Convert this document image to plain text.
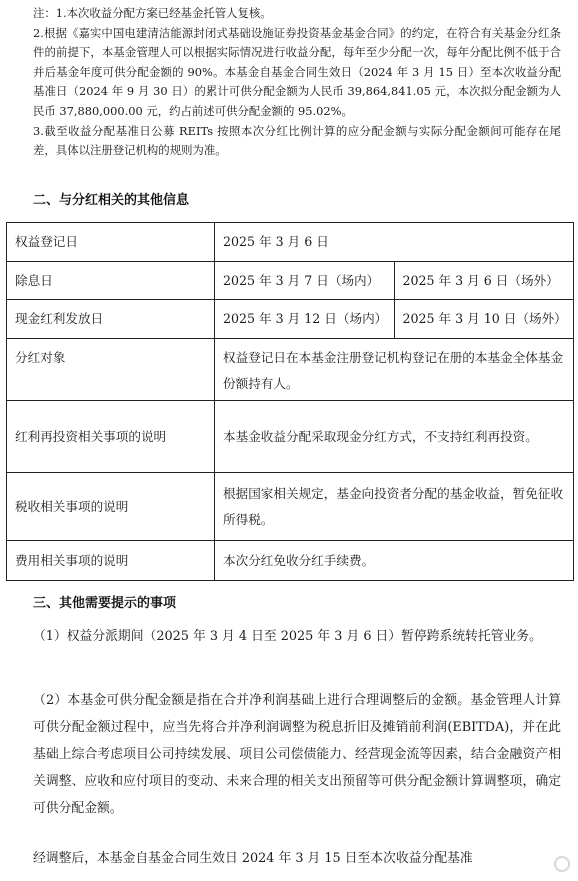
注：1.本次收益分配方案已经基金托管人复核。

2.根据《嘉实中国电建清洁能源封闭式基础设施证券投资基金基金合同》的约定，在符合有关基金分红条件的前提下，本基金管理人可以根据实际情况进行收益分配，每年至少分配一次，每年分配比例不低于合并后基金年度可供分配金额的 90%。本基金自基金合同生效日（2024 年 3 月 15 日）至本次收益分配基准日（2024 年 9 月 30 日）的累计可供分配金额为人民币 39,864,841.05 元，本次拟分配金额为人民币 37,880,000.00 元，约占前述可供分配金额的 95.02%。

3.截至收益分配基准日公募 REITs 按照本次分红比例计算的应分配金额与实际分配金额间可能存在尾差，具体以注册登记机构的规则为准。

二、与分红相关的其他信息
权益登记日	2025 年 3 月 6 日	
除息日	2025 年 3 月 7 日（场内）	2025 年 3 月 6 日（场外）
现金红利发放日	2025 年 3 月 12 日（场内）	2025 年 3 月 10 日（场外）
分红对象	权益登记日在本基金注册登记机构登记在册的本基金全体基金份额持有人。	
红利再投资相关事项的说明	本基金收益分配采取现金分红方式，不支持红利再投资。	
税收相关事项的说明	根据国家相关规定，基金向投资者分配的基金收益，暂免征收所得税。	
费用相关事项的说明	本次分红免收分红手续费。	
三、其他需要提示的事项

（1）权益分派期间（2025 年 3 月 4 日至 2025 年 3 月 6 日）暂停跨系统转托管业务。

（2）本基金可供分配金额是指在合并净利润基础上进行合理调整后的金额。基金管理人计算可供分配金额过程中，应当先将合并净利润调整为税息折旧及摊销前利润(EBITDA)，并在此基础上综合考虑项目公司持续发展、项目公司偿债能力、经营现金流等因素，结合金融资产相关调整、应收和应付项目的变动、未来合理的相关支出预留等可供分配金额计算调整项，确定可供分配金额。

经调整后，本基金自基金合同生效日 2024 年 3 月 15 日至本次收益分配基准
